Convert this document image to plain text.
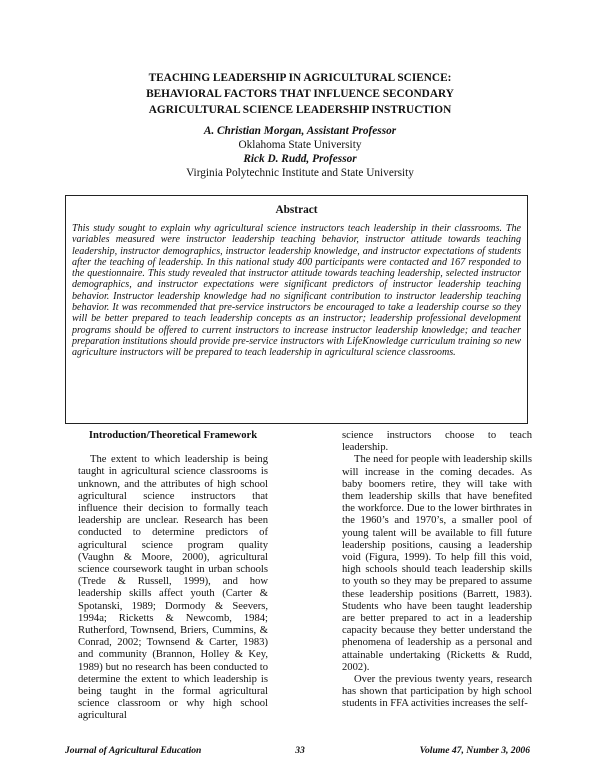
TEACHING LEADERSHIP IN AGRICULTURAL SCIENCE:
BEHAVIORAL FACTORS THAT INFLUENCE SECONDARY
AGRICULTURAL SCIENCE LEADERSHIP INSTRUCTION
A. Christian Morgan, Assistant Professor
Oklahoma State University
Rick D. Rudd, Professor
Virginia Polytechnic Institute and State University
Abstract

This study sought to explain why agricultural science instructors teach leadership in their classrooms. The variables measured were instructor leadership teaching behavior, instructor attitude towards teaching leadership, instructor demographics, instructor leadership knowledge, and instructor expectations of students after the teaching of leadership. In this national study 400 participants were contacted and 167 responded to the questionnaire. This study revealed that instructor attitude towards teaching leadership, selected instructor demographics, and instructor expectations were significant predictors of instructor leadership teaching behavior. Instructor leadership knowledge had no significant contribution to instructor leadership teaching behavior. It was recommended that pre-service instructors be encouraged to take a leadership course so they will be better prepared to teach leadership concepts as an instructor; leadership professional development programs should be offered to current instructors to increase instructor leadership knowledge; and teacher preparation institutions should provide pre-service instructors with LifeKnowledge curriculum training so new agriculture instructors will be prepared to teach leadership in agricultural science classrooms.

Introduction/Theoretical Framework

The extent to which leadership is being taught in agricultural science classrooms is unknown, and the attributes of high school agricultural science instructors that influence their decision to formally teach leadership are unclear. Research has been conducted to determine predictors of agricultural science program quality (Vaughn & Moore, 2000), agricultural science coursework taught in urban schools (Trede & Russell, 1999), and how leadership skills affect youth (Carter & Spotanski, 1989; Dormody & Seevers, 1994a; Ricketts & Newcomb, 1984; Rutherford, Townsend, Briers, Cummins, & Conrad, 2002; Townsend & Carter, 1983) and community (Brannon, Holley & Key, 1989) but no research has been conducted to determine the extent to which leadership is being taught in the formal agricultural science classroom or why high school agricultural

science instructors choose to teach leadership.

The need for people with leadership skills will increase in the coming decades. As baby boomers retire, they will take with them leadership skills that have benefited the workforce. Due to the lower birthrates in the 1960’s and 1970’s, a smaller pool of young talent will be available to fill future leadership positions, causing a leadership void (Figura, 1999). To help fill this void, high schools should teach leadership skills to youth so they may be prepared to assume these leadership positions (Barrett, 1983). Students who have been taught leadership are better prepared to act in a leadership capacity because they better understand the phenomena of leadership as a personal and attainable undertaking (Ricketts & Rudd, 2002).

Over the previous twenty years, research has shown that participation by high school students in FFA activities increases the self-

Journal of Agricultural Education	33	Volume 47, Number 3, 2006
